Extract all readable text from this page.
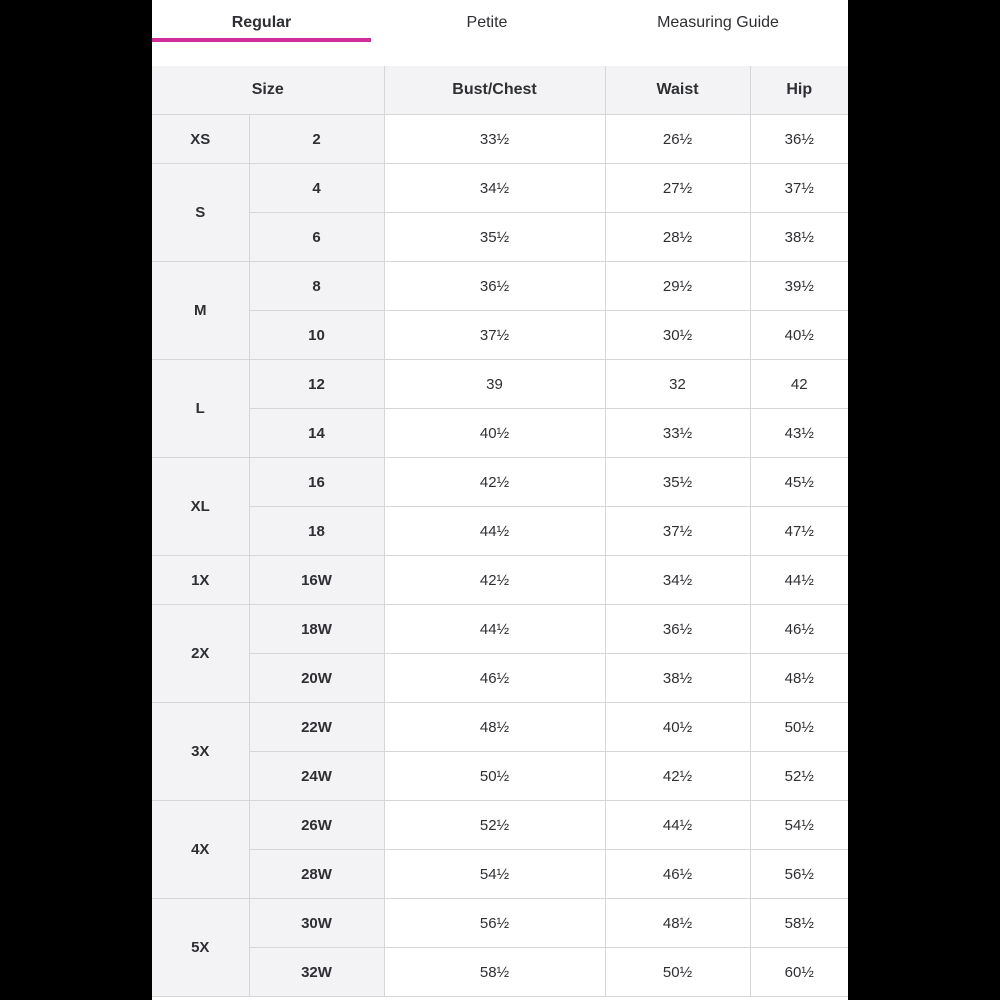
Regular	Petite	Measuring Guide
Size		Bust/Chest	Waist	Hip
XS	2	33½	26½	36½
S	4	34½	27½	37½
	6	35½	28½	38½
M	8	36½	29½	39½
	10	37½	30½	40½
L	12	39	32	42
	14	40½	33½	43½
XL	16	42½	35½	45½
	18	44½	37½	47½
1X	16W	42½	34½	44½
2X	18W	44½	36½	46½
	20W	46½	38½	48½
3X	22W	48½	40½	50½
	24W	50½	42½	52½
4X	26W	52½	44½	54½
	28W	54½	46½	56½
5X	30W	56½	48½	58½
	32W	58½	50½	60½
